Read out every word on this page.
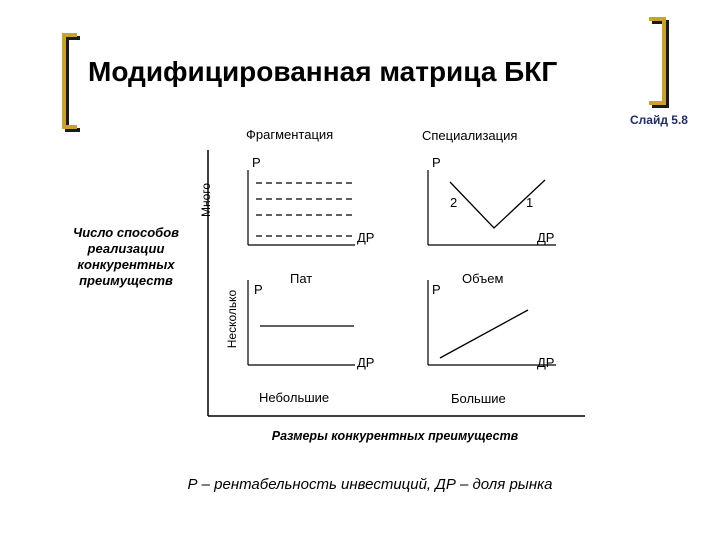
Модифицированная матрица БКГ
Слайд 5.8
Фрагментация	Специализация
Много
Несколько
Число способов реализации конкурентных преимуществ
Р
ДР
Р
2	1
ДР
Пат
Р
ДР
Объем
Р
ДР
Небольшие	Большие
Размеры конкурентных преимуществ
Р – рентабельность инвестиций, ДР – доля рынка
